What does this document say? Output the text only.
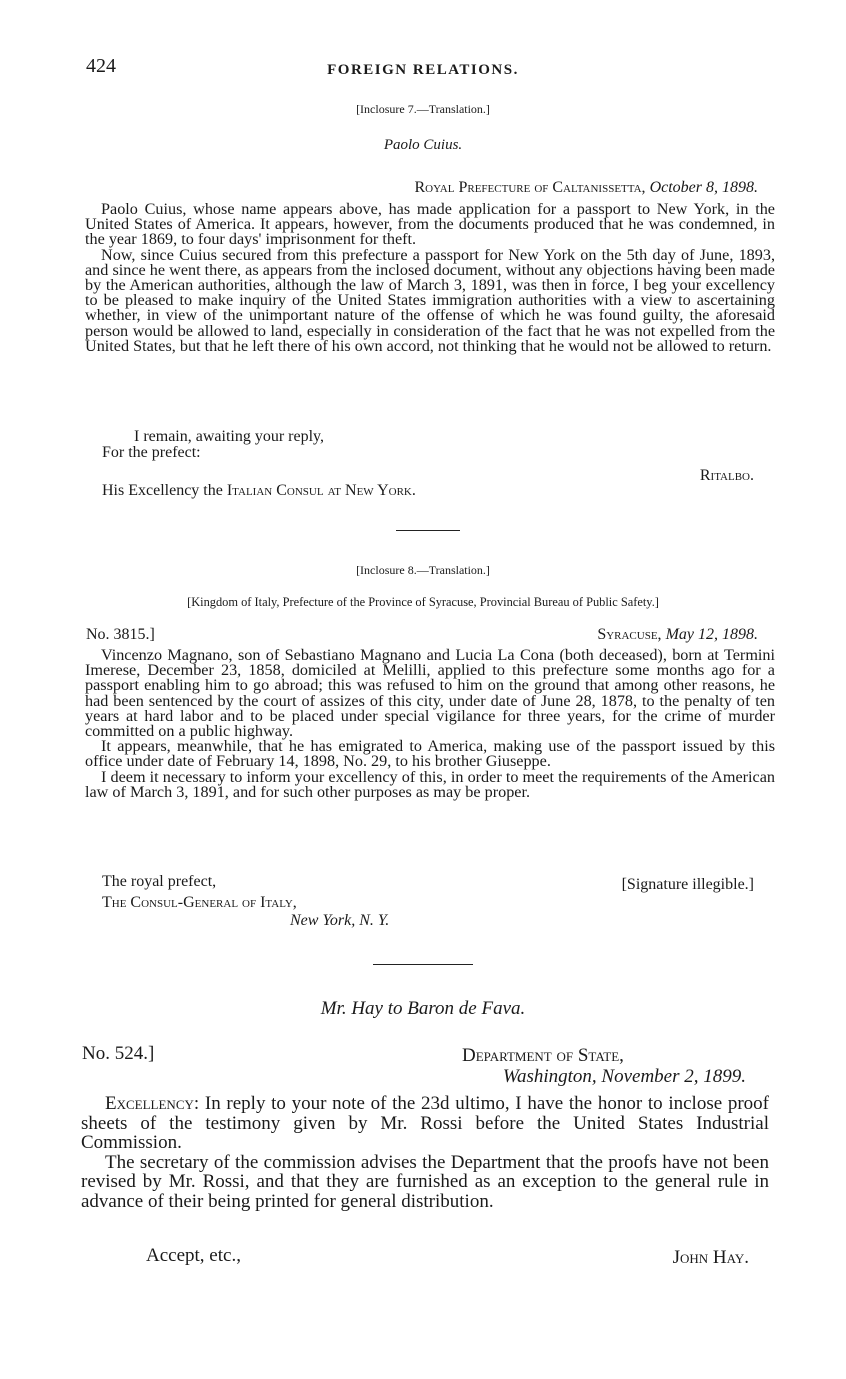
424	FOREIGN RELATIONS.
[Inclosure 7.—Translation.]
Paolo Cuius.
Royal Prefecture of Caltanissetta, October 8, 1898.

Paolo Cuius, whose name appears above, has made application for a passport to New York, in the United States of America. It appears, however, from the documents produced that he was condemned, in the year 1869, to four days' imprisonment for theft.

Now, since Cuius secured from this prefecture a passport for New York on the 5th day of June, 1893, and since he went there, as appears from the inclosed document, without any objections having been made by the American authorities, although the law of March 3, 1891, was then in force, I beg your excellency to be pleased to make inquiry of the United States immigration authorities with a view to ascertaining whether, in view of the unimportant nature of the offense of which he was found guilty, the aforesaid person would be allowed to land, especially in consideration of the fact that he was not expelled from the United States, but that he left there of his own accord, not thinking that he would not be allowed to return.

I remain, awaiting your reply,
For the prefect:
Ritalbo.
His Excellency the Italian Consul at New York.
[Inclosure 8.—Translation.]
[Kingdom of Italy, Prefecture of the Province of Syracuse, Provincial Bureau of Public Safety.]
No. 3815.]	Syracuse, May 12, 1898.

Vincenzo Magnano, son of Sebastiano Magnano and Lucia La Cona (both deceased), born at Termini Imerese, December 23, 1858, domiciled at Melilli, applied to this prefecture some months ago for a passport enabling him to go abroad; this was refused to him on the ground that among other reasons, he had been sentenced by the court of assizes of this city, under date of June 28, 1878, to the penalty of ten years at hard labor and to be placed under special vigilance for three years, for the crime of murder committed on a public highway.

It appears, meanwhile, that he has emigrated to America, making use of the passport issued by this office under date of February 14, 1898, No. 29, to his brother Giuseppe.

I deem it necessary to inform your excellency of this, in order to meet the requirements of the American law of March 3, 1891, and for such other purposes as may be proper.

The royal prefect,	[Signature illegible.]
The Consul-General of Italy,
New York, N. Y.
Mr. Hay to Baron de Fava.
No. 524.]	Department of State,
Washington, November 2, 1899.

Excellency: In reply to your note of the 23d ultimo, I have the honor to inclose proof sheets of the testimony given by Mr. Rossi before the United States Industrial Commission.

The secretary of the commission advises the Department that the proofs have not been revised by Mr. Rossi, and that they are furnished as an exception to the general rule in advance of their being printed for general distribution.

Accept, etc.,	John Hay.
